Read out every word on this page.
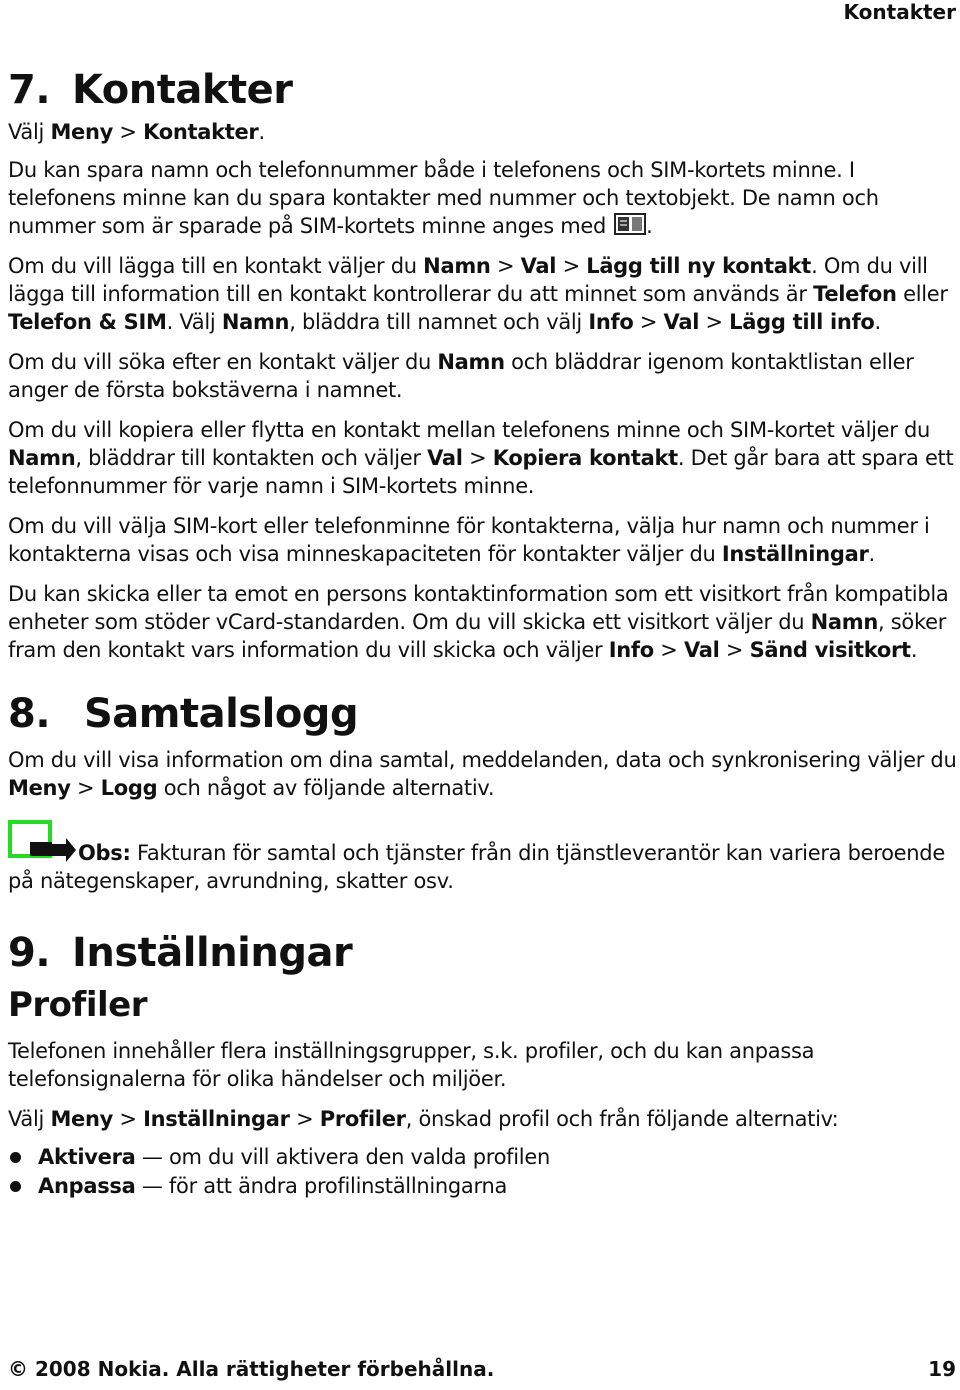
Kontakter
7. Kontakter

Välj Meny > Kontakter.

Du kan spara namn och telefonnummer både i telefonens och SIM-kortets minne. I telefonens minne kan du spara kontakter med nummer och textobjekt. De namn och nummer som är sparade på SIM-kortets minne anges med .

Om du vill lägga till en kontakt väljer du Namn > Val > Lägg till ny kontakt. Om du vill lägga till information till en kontakt kontrollerar du att minnet som används är Telefon eller Telefon & SIM. Välj Namn, bläddra till namnet och välj Info > Val > Lägg till info.

Om du vill söka efter en kontakt väljer du Namn och bläddrar igenom kontaktlistan eller anger de första bokstäverna i namnet.

Om du vill kopiera eller flytta en kontakt mellan telefonens minne och SIM-kortet väljer du Namn, bläddrar till kontakten och väljer Val > Kopiera kontakt. Det går bara att spara ett telefonnummer för varje namn i SIM-kortets minne.

Om du vill välja SIM-kort eller telefonminne för kontakterna, välja hur namn och nummer i kontakterna visas och visa minneskapaciteten för kontakter väljer du Inställningar.

Du kan skicka eller ta emot en persons kontaktinformation som ett visitkort från kompatibla enheter som stöder vCard-standarden. Om du vill skicka ett visitkort väljer du Namn, söker fram den kontakt vars information du vill skicka och väljer Info > Val > Sänd visitkort.

8. Samtalslogg

Om du vill visa information om dina samtal, meddelanden, data och synkronisering väljer du Meny > Logg och något av följande alternativ.

Obs: Fakturan för samtal och tjänster från din tjänstleverantör kan variera beroende på nätegenskaper, avrundning, skatter osv.

9. Inställningar
Profiler

Telefonen innehåller flera inställningsgrupper, s.k. profiler, och du kan anpassa telefonsignalerna för olika händelser och miljöer.

Välj Meny > Inställningar > Profiler, önskad profil och från följande alternativ:

Aktivera — om du vill aktivera den valda profilen
Anpassa — för att ändra profilinställningarna
© 2008 Nokia. Alla rättigheter förbehållna.	19
